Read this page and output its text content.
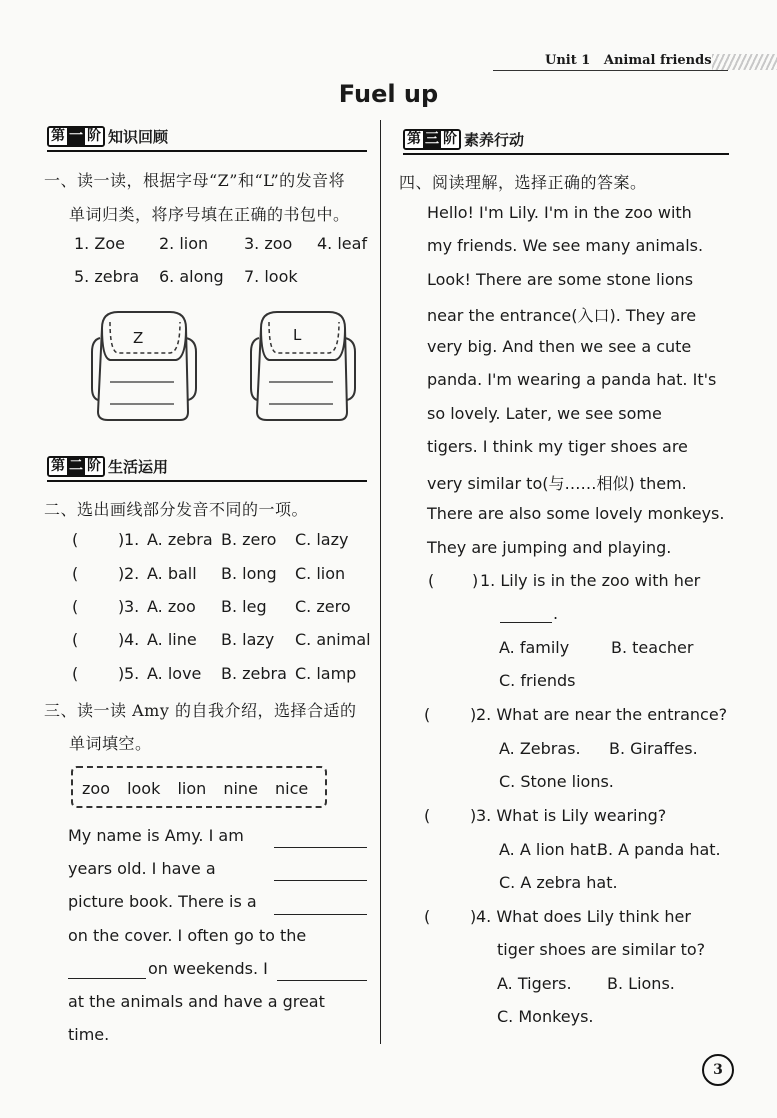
Unit 1 Animal friends
Fuel up
第 一 阶 知识回顾
一、读一读，根据字母“Z”和“L”的发音将
单词归类，将序号填在正确的书包中。
1. Zoe 2. lion 3. zoo 4. leaf
5. zebra 6. along 7. look
Z	L
第 二 阶 生活运用
二、选出画线部分发音不同的一项。
( ) 1. A. zebra B. zero C. lazy
( ) 2. A. ball B. long C. lion
( ) 3. A. zoo B. leg C. zero
( ) 4. A. line B. lazy C. animal
( ) 5. A. love B. zebra C. lamp
三、读一读 Amy 的自我介绍，选择合适的
单词填空。
zoo look lion nine nice
My name is Amy. I am
years old. I have a
picture book. There is a
on the cover. I often go to the
on weekends. I
at the animals and have a great
time.
第 三 阶 素养行动
四、阅读理解，选择正确的答案。
Hello! I'm Lily. I'm in the zoo with
my friends. We see many animals.
Look! There are some stone lions
near the entrance(入口). They are
very big. And then we see a cute
panda. I'm wearing a panda hat. It's
so lovely. Later, we see some
tigers. I think my tiger shoes are
very similar to(与……相似) them.
There are also some lovely monkeys.
They are jumping and playing.
( ) 1. Lily is in the zoo with her
.
A. family	B. teacher
C. friends
( ) 2. What are near the entrance?
A. Zebras. B. Giraffes.
C. Stone lions.
( ) 3. What is Lily wearing?
A. A lion hat.
B. A panda hat.
C. A zebra hat.
( ) 4. What does Lily think her
tiger shoes are similar to?
A. Tigers. B. Lions.
C. Monkeys.
3
